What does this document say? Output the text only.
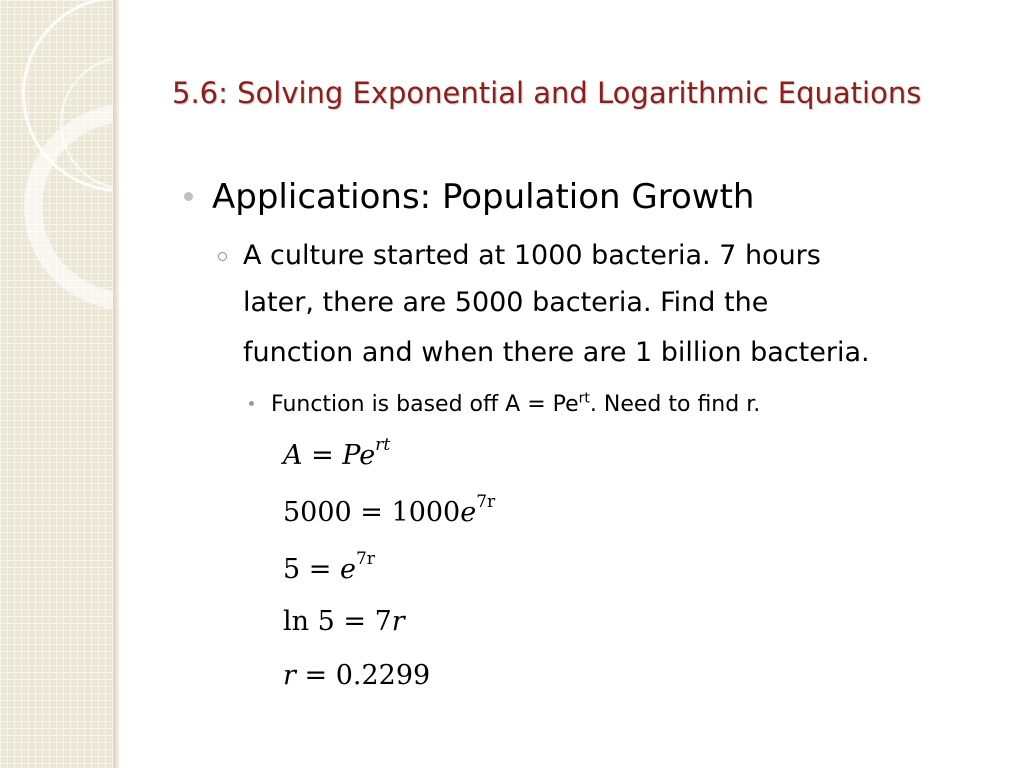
5.6: Solving Exponential and Logarithmic Equations
Applications: Population Growth
A culture started at 1000 bacteria. 7 hours
later, there are 5000 bacteria. Find the
function and when there are 1 billion bacteria.
Function is based off $A = Pe^{rt}$. Need to find r.
$A = Pe^{rt}$
$5000 = 1000e^{7r}$
$5 = e^{7r}$
ln 5 = 7r
r = 0.2299
